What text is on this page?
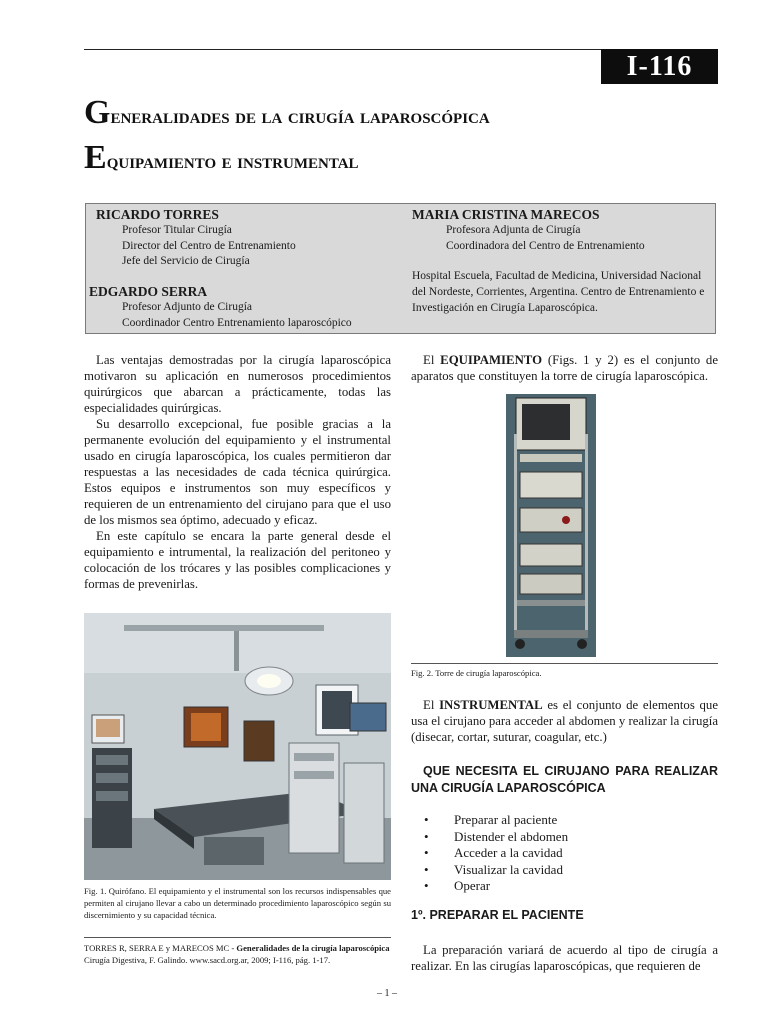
I-116
Generalidades de la cirugía laparoscópica
Equipamiento e instrumental

RICARDO TORRES

Profesor Titular Cirugía
Director del Centro de Entrenamiento
Jefe del Servicio de Cirugía

EDGARDO SERRA

Profesor Adjunto de Cirugía
Coordinador Centro Entrenamiento laparoscópico

MARIA CRISTINA MARECOS

Profesora Adjunta de Cirugía
Coordinadora del Centro de Entrenamiento

Hospital Escuela, Facultad de Medicina, Universidad Nacional del Nordeste, Corrientes, Argentina. Centro de Entrenamiento e Investigación en Cirugía Laparoscópica.

Las ventajas demostradas por la cirugía laparoscópica motivaron su aplicación en numerosos procedimientos quirúrgicos que abarcan a prácticamente, todas las especialidades quirúrgicas.

Su desarrollo excepcional, fue posible gracias a la permanente evolución del equipamiento y el instrumental usado en cirugía laparoscópica, los cuales permitieron dar respuestas a las necesidades de cada técnica quirúrgica. Estos equipos e instrumentos son muy específicos y requieren de un entrenamiento del cirujano para que el uso de los mismos sea óptimo, adecuado y eficaz.

En este capítulo se encara la parte general desde el equipamiento e intrumental, la realización del peritoneo y colocación de los trócares y las posibles complicaciones y formas de prevenirlas.

Fig. 1. Quirófano. El equipamiento y el instrumental son los recursos indispensables que permiten al cirujano llevar a cabo un determinado procedimiento laparoscópico según su discernimiento y su capacidad técnica.

TORRES R, SERRA E y MARECOS MC - Generalidades de la cirugía laparoscópica
Cirugía Digestiva, F. Galindo. www.sacd.org.ar, 2009; I-116, pág. 1-17.

El EQUIPAMIENTO (Figs. 1 y 2) es el conjunto de aparatos que constituyen la torre de cirugía laparoscópica.

Fig. 2. Torre de cirugía laparoscópica.

El INSTRUMENTAL es el conjunto de elementos que usa el cirujano para acceder al abdomen y realizar la cirugía (disecar, cortar, suturar, coagular, etc.)

QUE NECESITA EL CIRUJANO PARA REALIZAR UNA CIRUGÍA LAPAROSCÓPICA

• Preparar al paciente
• Distender el abdomen
• Acceder a la cavidad
• Visualizar la cavidad
• Operar

1º. PREPARAR EL PACIENTE

La preparación variará de acuerdo al tipo de cirugía a realizar. En las cirugías laparoscópicas, que requieren de

– 1 –
